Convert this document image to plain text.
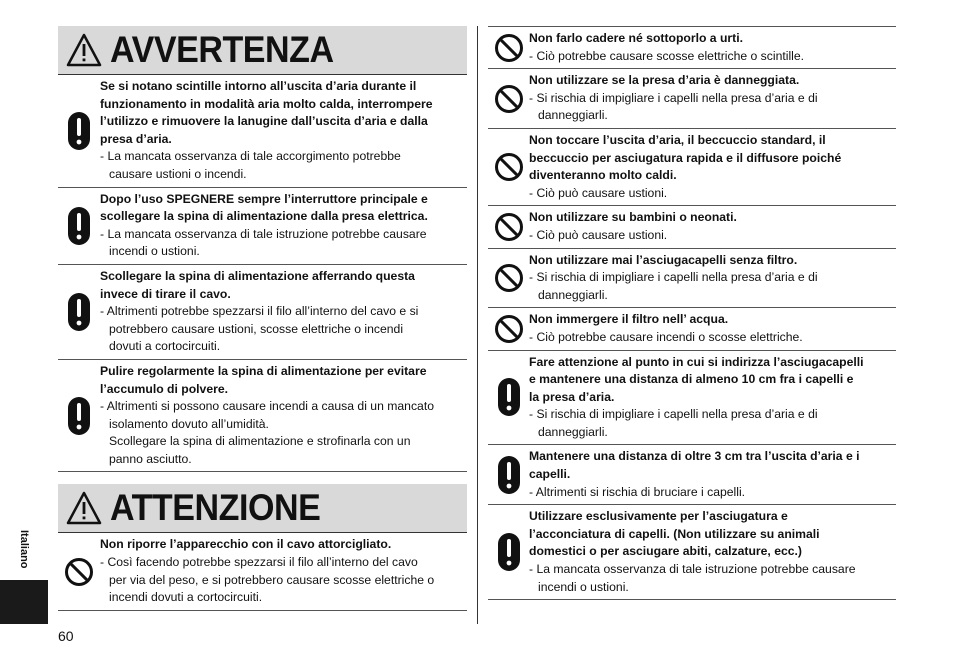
Italiano
60
AVVERTENZA
Se si notano scintille intorno all’uscita d’aria durante il
funzionamento in modalità aria molto calda, interrompere
l’utilizzo e rimuovere la lanugine dall’uscita d’aria e dalla
presa d’aria.
- La mancata osservanza di tale accorgimento potrebbe
causare ustioni o incendi.
Dopo l’uso SPEGNERE sempre l’interruttore principale e
scollegare la spina di alimentazione dalla presa elettrica.
- La mancata osservanza di tale istruzione potrebbe causare
incendi o ustioni.
Scollegare la spina di alimentazione afferrando questa
invece di tirare il cavo.
- Altrimenti potrebbe spezzarsi il filo all’interno del cavo e si
potrebbero causare ustioni, scosse elettriche o incendi
dovuti a cortocircuiti.
Pulire regolarmente la spina di alimentazione per evitare
l’accumulo di polvere.
- Altrimenti si possono causare incendi a causa di un mancato
isolamento dovuto all’umidità.
Scollegare la spina di alimentazione e strofinarla con un
panno asciutto.
ATTENZIONE
Non riporre l’apparecchio con il cavo attorcigliato.
- Così facendo potrebbe spezzarsi il filo all’interno del cavo
per via del peso, e si potrebbero causare scosse elettriche o
incendi dovuti a cortocircuiti.
Non farlo cadere né sottoporlo a urti.
- Ciò potrebbe causare scosse elettriche o scintille.
Non utilizzare se la presa d’aria è danneggiata.
- Si rischia di impigliare i capelli nella presa d’aria e di
danneggiarli.
Non toccare l’uscita d’aria, il beccuccio standard, il
beccuccio per asciugatura rapida e il diffusore poiché
diventeranno molto caldi.
- Ciò può causare ustioni.
Non utilizzare su bambini o neonati.
- Ciò può causare ustioni.
Non utilizzare mai l’asciugacapelli senza filtro.
- Si rischia di impigliare i capelli nella presa d’aria e di
danneggiarli.
Non immergere il filtro nell’ acqua.
- Ciò potrebbe causare incendi o scosse elettriche.
Fare attenzione al punto in cui si indirizza l’asciugacapelli
e mantenere una distanza di almeno 10 cm fra i capelli e
la presa d’aria.
- Si rischia di impigliare i capelli nella presa d’aria e di
danneggiarli.
Mantenere una distanza di oltre 3 cm tra l’uscita d’aria e i
capelli.
- Altrimenti si rischia di bruciare i capelli.
Utilizzare esclusivamente per l’asciugatura e
l’acconciatura di capelli. (Non utilizzare su animali
domestici o per asciugare abiti, calzature, ecc.)
- La mancata osservanza di tale istruzione potrebbe causare
incendi o ustioni.
